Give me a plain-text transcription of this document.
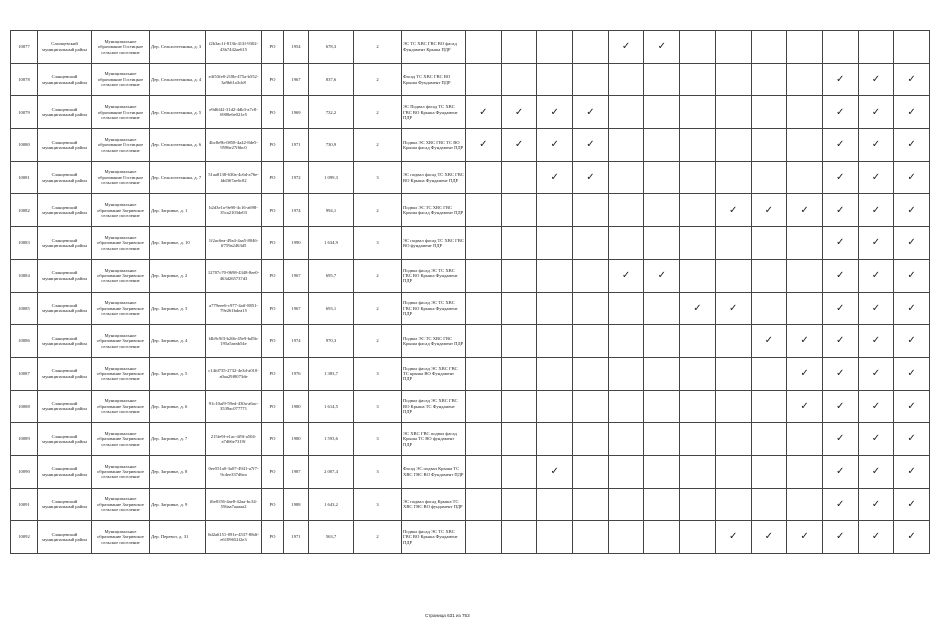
10077	Слаощевский муниципальный район	Муниципальное образование Гостицкое сельское поселение	Дер. Сельхозтехника, д. 3	f2b3ac1f-813b-413f-9302-43b7442ae615	РО	1954	678,3	2	ЭС ТС ХВС ГВС ВО фасад Фундамент Крыша ПДР					✓	✓							
10078	Сланцевский муниципальный район	Муниципальное образование Гостицкое сельское поселение	Дер. Сельхозтехника, д. 4	e4f53fe8-218b-475a-b552-3a9b61a3cb8	РО	1967	837,6	2	Фасад ТС ХВС ГВС ВО Крыша Фундамент ПДР											✓	✓	✓
10079	Сланцевский муниципальный район	Муниципальное образование Гостицкое сельское поселение	Дер. Сельхозтехника, д. 5	e9d6f42-31d2-4db3-a7c8-6908e6e021e5	РО	1969	732,2	2	ЭС Подвал фасад ТС ХВС ГВС ВО Крыша Фундамент ПДР	✓	✓	✓	✓							✓	✓	✓
10080	Сланцевский муниципальный район	Муниципальное образование Гостицкое сельское поселение	Дер. Сельхозтехника, д. 6	4bc8e9b-0858-4a42-8de5-9596e27f6bc0	РО	1971	730,9	2	Подвал ЭС ХВС ГВС ТС ВО Крыша фасад Фундамент ПДР	✓	✓	✓	✓							✓	✓	✓
10081	Сланцевский муниципальный район	Муниципальное образование Гостицкое сельское поселение	Дер. Сельхозтехника, д. 7	51aa8138-630a-4c6d-a76e-fdd367ae6c02	РО	1972	1 099,3	3	ЭС подвал фасад ТС ХВС ГВС ВО Крыша Фундамент ПДР			✓	✓							✓	✓	✓
10082	Сланцевский муниципальный район	Муниципальное образование Загривское сельское поселение	Дер. Загривье, д. 1	b2d3e1a-9e90-4c16-a698-35ca2103de03	РО	1974	994,1	2	Подвал ЭС ТС ХВС ГВС Крыша фасад Фундамент ПДР								✓	✓	✓	✓	✓	✓
10083	Сланцевский муниципальный район	Муниципальное образование Загривское сельское поселение	Дер. Загривье, д. 10	1f2ac6ea-49a4-4aa5-8046-ff759a2463d5	РО	1990	1 634,9	3	ЭС подвал фасад ТС ХВС ГВС ВО фундамент ПДР											✓	✓	✓
10084	Сланцевский муниципальный район	Муниципальное образование Загривское сельское поселение	Дер. Загривье, д. 2	12707c70-0698-4348-8ee0-463d265737d3	РО	1967	695,7	2	Подвал фасад ЭС ТС ХВС ГВС ВО Крыша Фундамент ПДР					✓	✓					✓	✓	✓
10085	Сланцевский муниципальный район	Муниципальное образование Загривское сельское поселение	Дер. Загривье, д. 3	a779eee6-c977-4aff-8851-79e261bdea15	РО	1967	693,1	2	Подвал фасад ЭС ТС ХВС ГВС ВО Крыша Фундамент ПДР							✓	✓			✓	✓	✓
10086	Сланцевский муниципальный район	Муниципальное образование Загривское сельское поселение	Дер. Загривье, д. 4	f4b9c9f3-b26b-45e9-bd5b-195a5aeab54e	РО	1974	970,3	2	Подвал ЭС ТС ХВС ГВС Крыша фасад Фундамент ПДР									✓	✓	✓	✓	✓
10087	Сланцевский муниципальный район	Муниципальное образование Загривское сельское поселение	Дер. Загривье, д. 5	c14fd735-2732-4e3d-a010-a0aa29f8073de	РО	1976	1 383,7	3	Подвал фасад ЭС ХВС ГВС ТС крыша ВО Фундамент ПДР										✓	✓	✓	✓
10088	Сланцевский муниципальный район	Муниципальное образование Загривское сельское поселение	Дер. Загривье, д. 6	91c10af9-59ed-430a-a6ac-3539ac077771	РО	1980	1 614,5	3	Подвал фасад ЭС ХВС ГВС ВО Крыша ТС Фундамент ПДР										✓	✓	✓	✓
10089	Сланцевский муниципальный район	Муниципальное образование Загривское сельское поселение	Дер. Загривье, д. 7	215fe9f-e1ac-4f9f-a504-a7d66e7319f	РО	1980	1 593,6	3	ЭС ХВС ГВС подвал фасад Крыша ТС ВО фундамент ПДР											✓	✓	✓
10090	Сланцевский муниципальный район	Муниципальное образование Загривское сельское поселение	Дер. Загривье, д. 8	0ee551a0-3a07-4941-a7f7-9c4ee337d6ea	РО	1987	2 007,4	3	Фасад ЭС подвал Крыша ТС ХВС ГВС ВО Фундамент ПДР			✓								✓	✓	✓
10091	Сланцевский муниципальный район	Муниципальное образование Загривское сельское поселение	Дер. Загривье, д. 9	f6e8156-4ae8-42aa-bc34-556aa7aaaaa2	РО	1988	1 643,2	3	ЭС подвал фасад Крыша ТС ХВС ГВС ВО фундамент ПДР											✓	✓	✓
10092	Сланцевский муниципальный район	Муниципальное образование Загривское сельское поселение	Дер. Перевоз, д. 31	6d2a6151-091e-4537-88df-e6109652f2e3	РО	1971	563,7	2	Подвал фасад ЭС ТС ХВС ГВС ВО Крыша Фундамент ПДР								✓	✓	✓	✓	✓	✓
Страница 631 из 753
